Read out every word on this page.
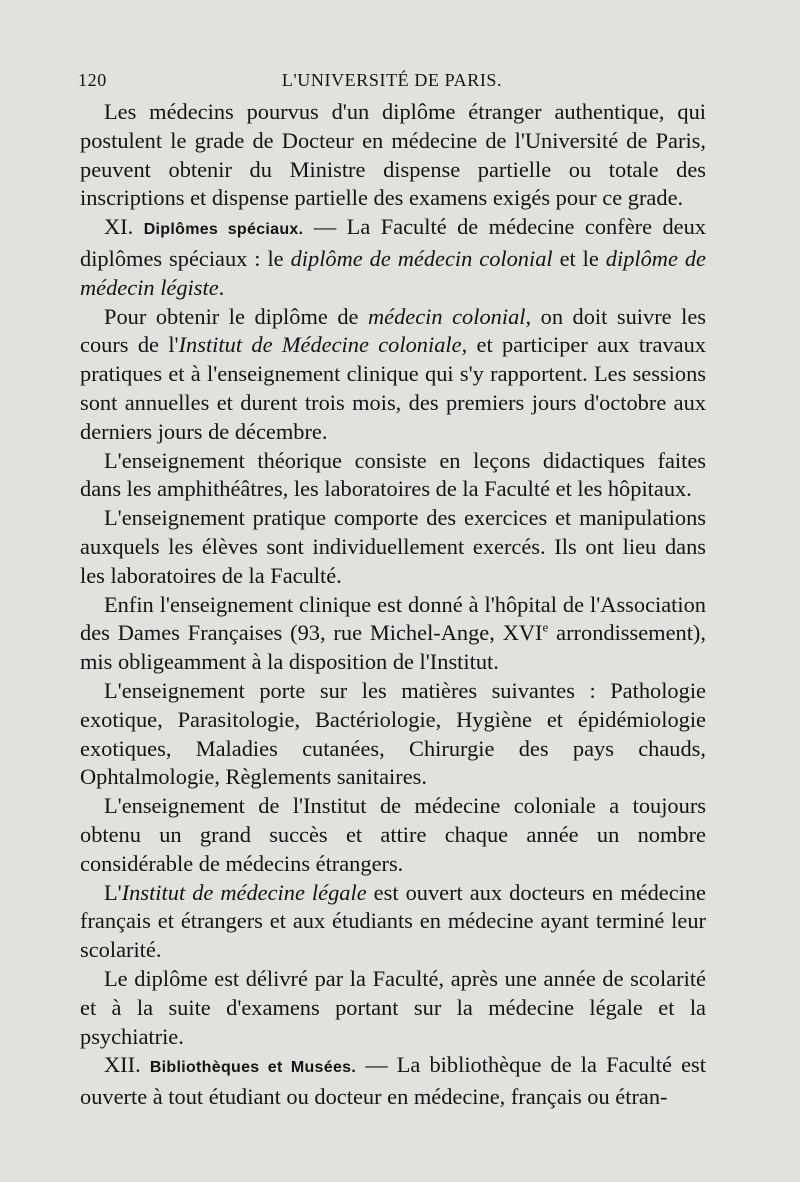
120	L'UNIVERSITÉ DE PARIS.

Les médecins pourvus d'un diplôme étranger authentique, qui postulent le grade de Docteur en médecine de l'Université de Paris, peuvent obtenir du Ministre dispense partielle ou totale des inscriptions et dispense partielle des examens exigés pour ce grade.

XI. Diplômes spéciaux. — La Faculté de médecine confère deux diplômes spéciaux : le diplôme de médecin colonial et le diplôme de médecin légiste.

Pour obtenir le diplôme de médecin colonial, on doit suivre les cours de l'Institut de Médecine coloniale, et participer aux travaux pratiques et à l'enseignement clinique qui s'y rapportent. Les sessions sont annuelles et durent trois mois, des premiers jours d'octobre aux derniers jours de décembre.

L'enseignement théorique consiste en leçons didactiques faites dans les amphithéâtres, les laboratoires de la Faculté et les hôpitaux.

L'enseignement pratique comporte des exercices et manipulations auxquels les élèves sont individuellement exercés. Ils ont lieu dans les laboratoires de la Faculté.

Enfin l'enseignement clinique est donné à l'hôpital de l'Association des Dames Françaises (93, rue Michel-Ange, XVIe arrondissement), mis obligeamment à la disposition de l'Institut.

L'enseignement porte sur les matières suivantes : Pathologie exotique, Parasitologie, Bactériologie, Hygiène et épidémiologie exotiques, Maladies cutanées, Chirurgie des pays chauds, Ophtalmologie, Règlements sanitaires.

L'enseignement de l'Institut de médecine coloniale a toujours obtenu un grand succès et attire chaque année un nombre considérable de médecins étrangers.

L'Institut de médecine légale est ouvert aux docteurs en médecine français et étrangers et aux étudiants en médecine ayant terminé leur scolarité.

Le diplôme est délivré par la Faculté, après une année de scolarité et à la suite d'examens portant sur la médecine légale et la psychiatrie.

XII. Bibliothèques et Musées. — La bibliothèque de la Faculté est ouverte à tout étudiant ou docteur en médecine, français ou étran-
